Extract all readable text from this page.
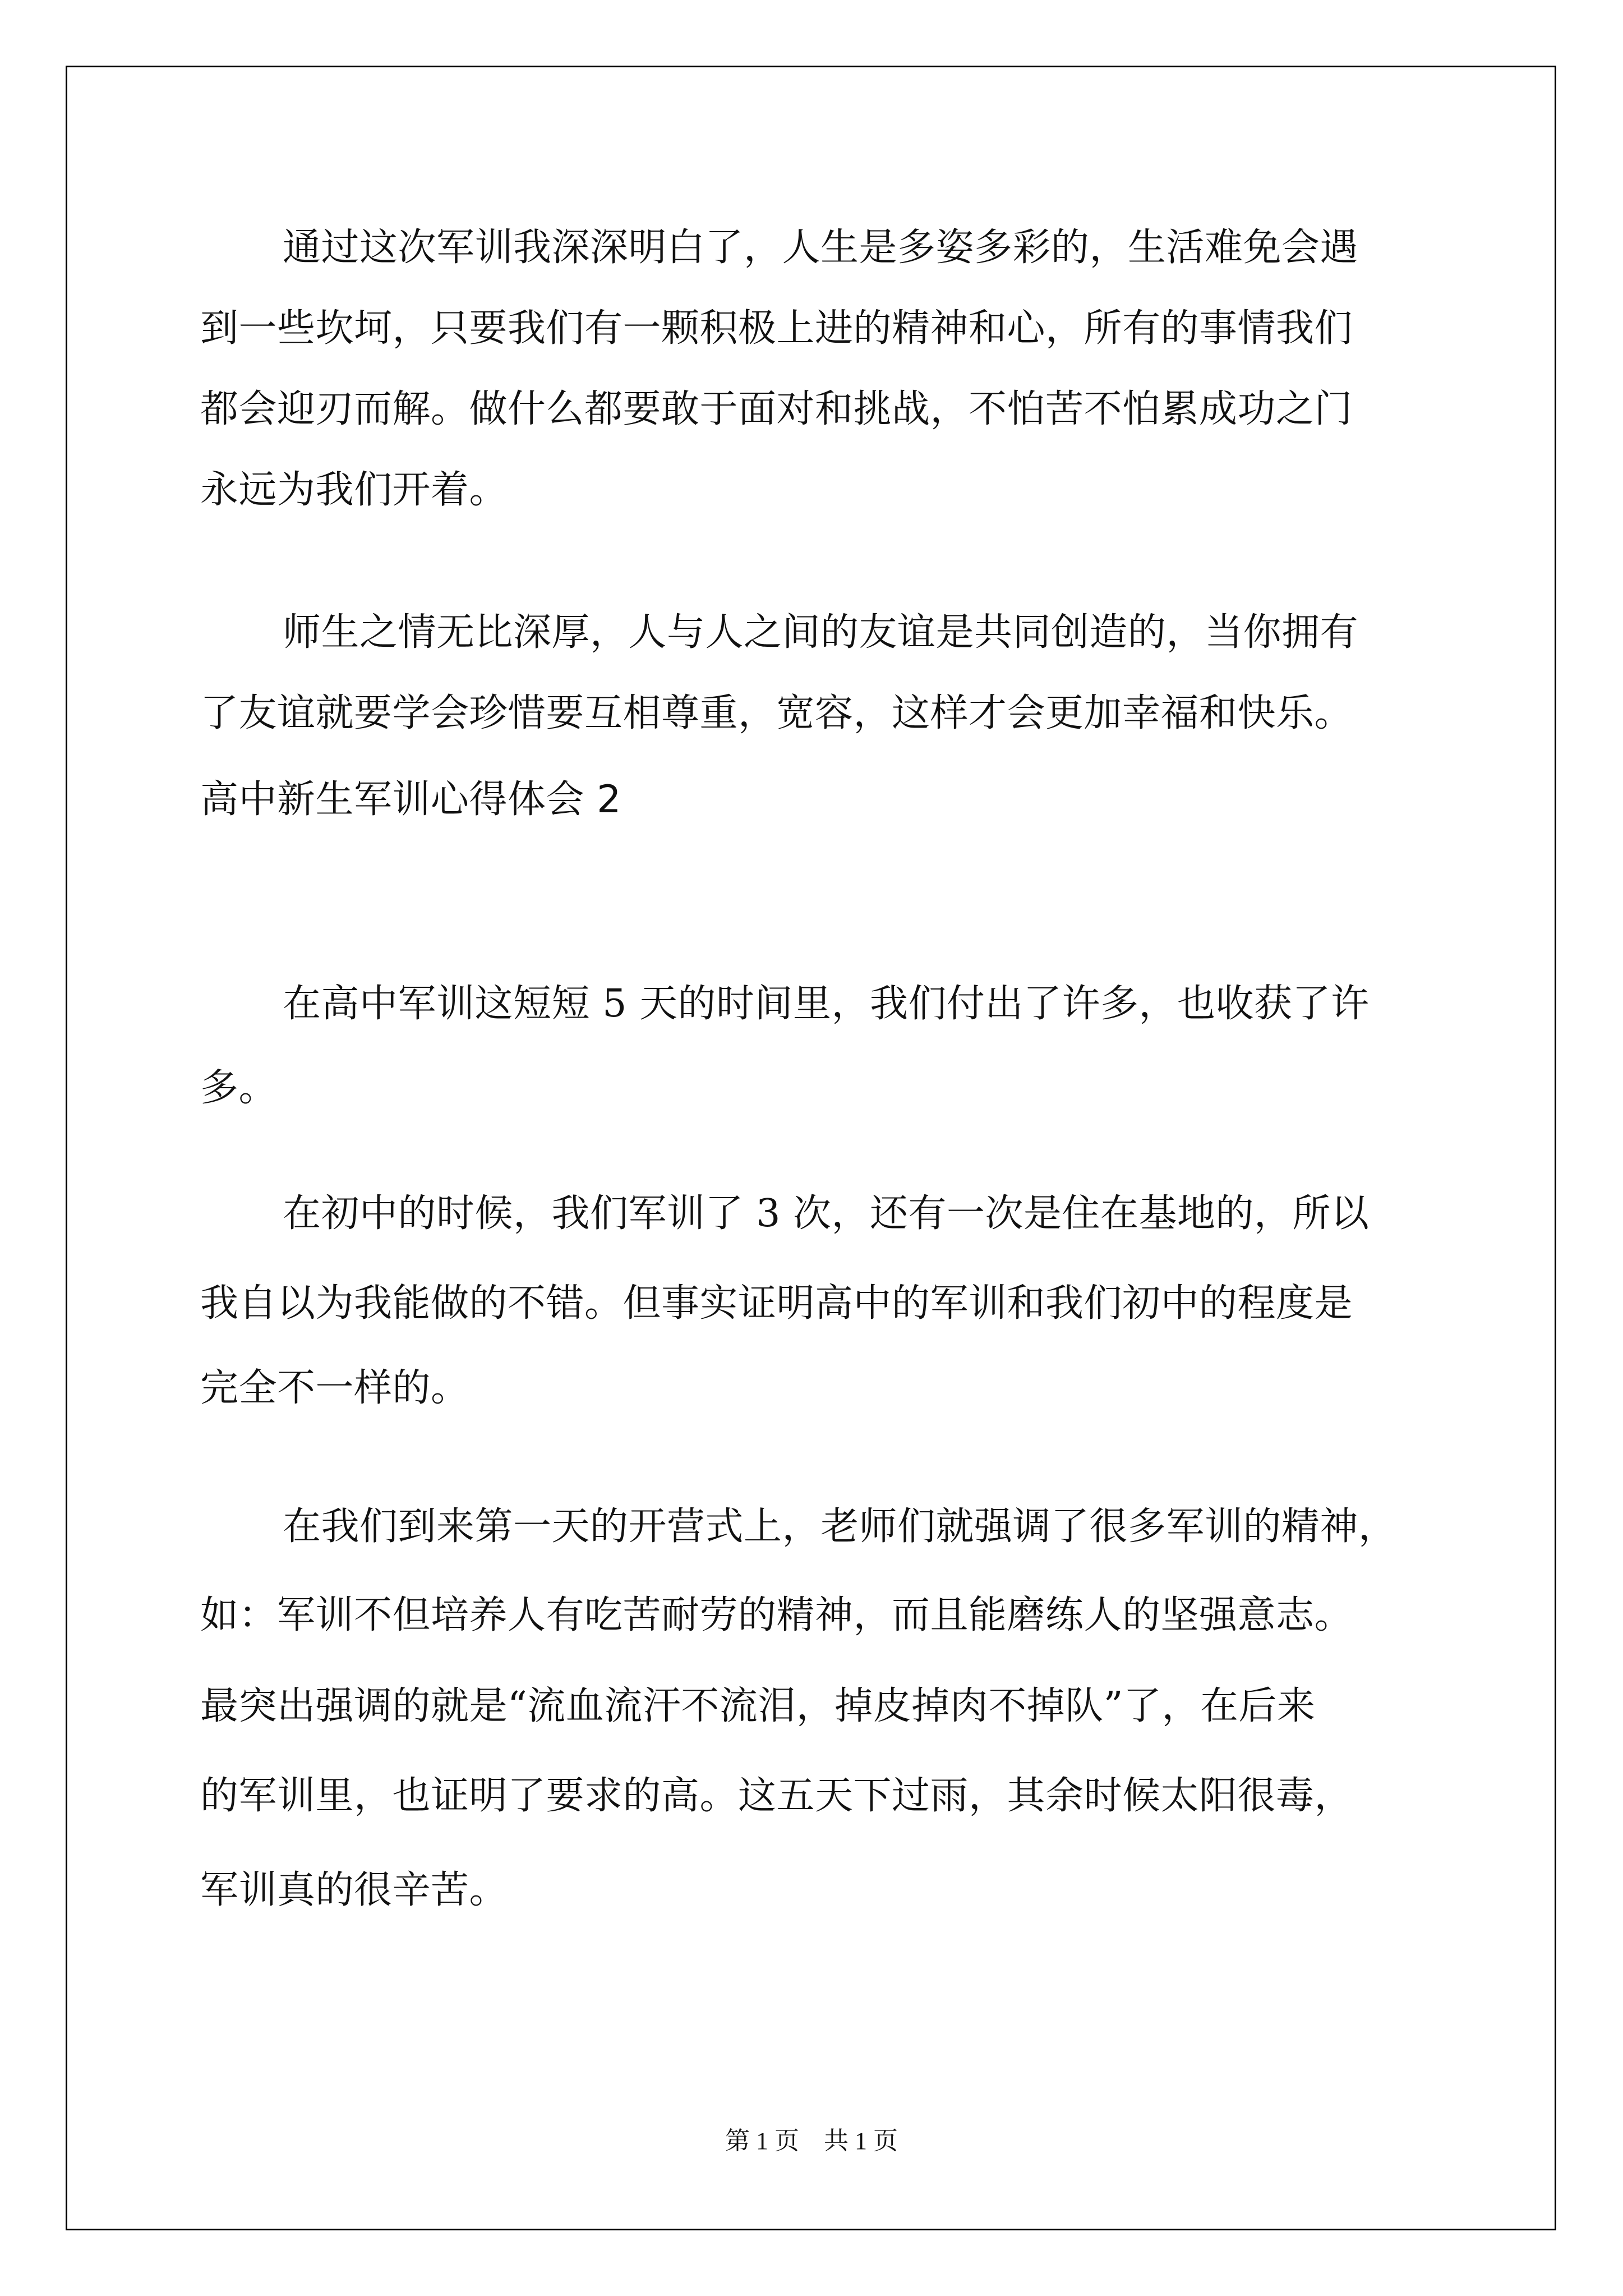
通过这次军训我深深明白了，人生是多姿多彩的，生活难免会遇

到一些坎坷，只要我们有一颗积极上进的精神和心，所有的事情我们

都会迎刃而解。做什么都要敢于面对和挑战，不怕苦不怕累成功之门

永远为我们开着。

师生之情无比深厚，人与人之间的友谊是共同创造的，当你拥有

了友谊就要学会珍惜要互相尊重，宽容，这样才会更加幸福和快乐。

高中新生军训心得体会 2

在高中军训这短短 5 天的时间里，我们付出了许多，也收获了许

多。

在初中的时候，我们军训了 3 次，还有一次是住在基地的，所以

我自以为我能做的不错。但事实证明高中的军训和我们初中的程度是

完全不一样的。

在我们到来第一天的开营式上，老师们就强调了很多军训的精神，

如：军训不但培养人有吃苦耐劳的精神，而且能磨练人的坚强意志。

最突出强调的就是“流血流汗不流泪，掉皮掉肉不掉队”了，在后来

的军训里，也证明了要求的高。这五天下过雨，其余时候太阳很毒，

军训真的很辛苦。

第 1 页 共 1 页
